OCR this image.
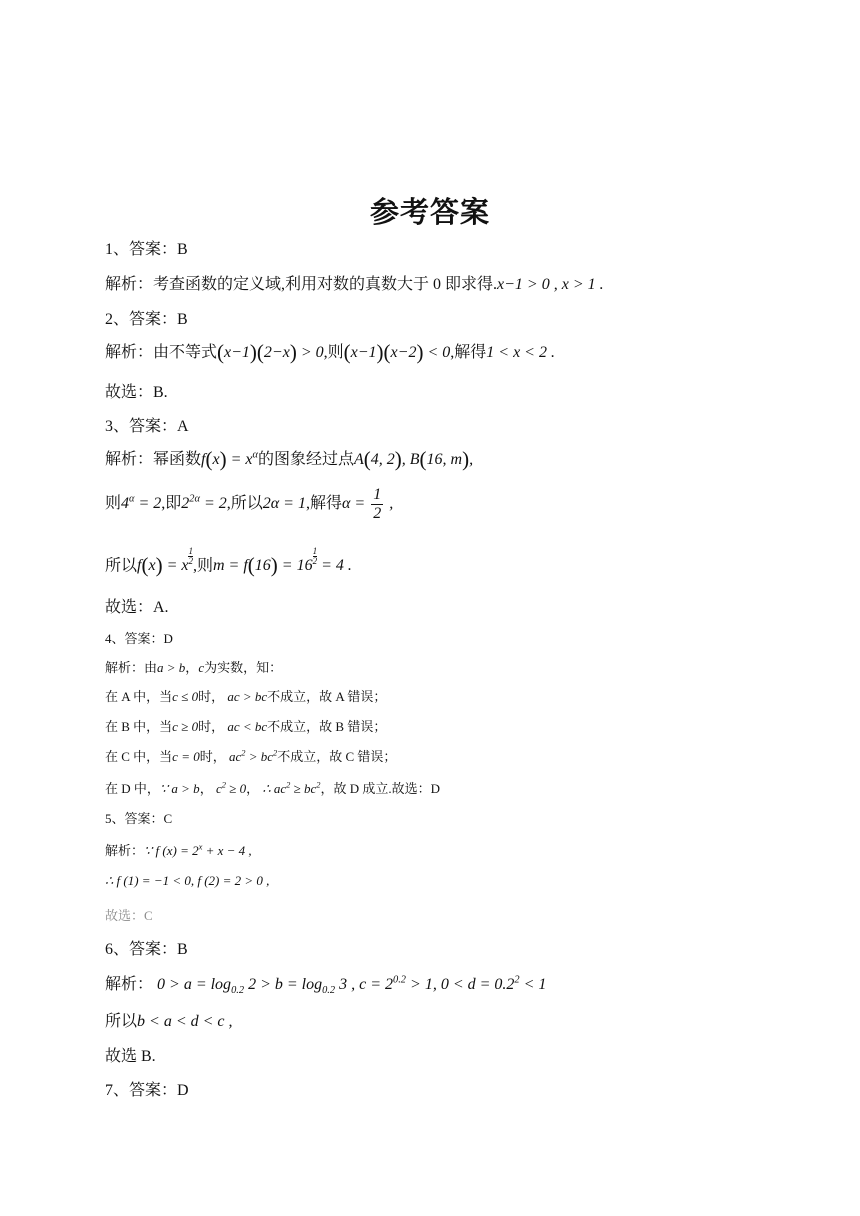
参考答案
1、答案：B
解析：考查函数的定义域,利用对数的真数大于 0 即求得.x−1 > 0 , x > 1 .
2、答案：B
解析：由不等式(x−1)(2−x) > 0,则(x−1)(x−2) < 0,解得1 < x < 2 .
故选：B.
3、答案：A
解析：幂函数$f(x) = x^\alpha$的图象经过点A(4, 2), B(16, m),
则$4^\alpha = 2$,即$2^{2\alpha} = 2$,所以2α = 1,解得$\alpha = \frac{1}{2}$ ,
所以f(x) = x $\frac{1}{2}$ ,则$m = f(16) = 16 \frac{1}{2} = 4$ .
故选：A.
4、答案：D
解析：由a > b，c为实数，知：
在 A 中，当c ≤ 0时， ac > bc不成立，故 A 错误；
在 B 中，当c ≥ 0时， ac < bc不成立，故 B 错误；
在 C 中，当c = 0时， $ac^2 > bc^2$不成立，故 C 错误；
在 D 中，∵ a > b， $c^2 \ge 0$， ∴ $ac^2 \ge bc^2$，故 D 成立.故选：D
5、答案：C
解析：∵ f $(x) = 2^x + x - 4$ ,
∴ f (1) = −1 < 0, f (2) = 2 > 0 ,
故选：C
6、答案：B
解析： $0 > a = \log_{0.2} 2 > b = \log_{0.2} 3$ , $c = 2^{0.2} > 1$, $0 < d = 0.2^2 < 1$
所以b < a < d < c ,
故选 B.
7、答案：D
